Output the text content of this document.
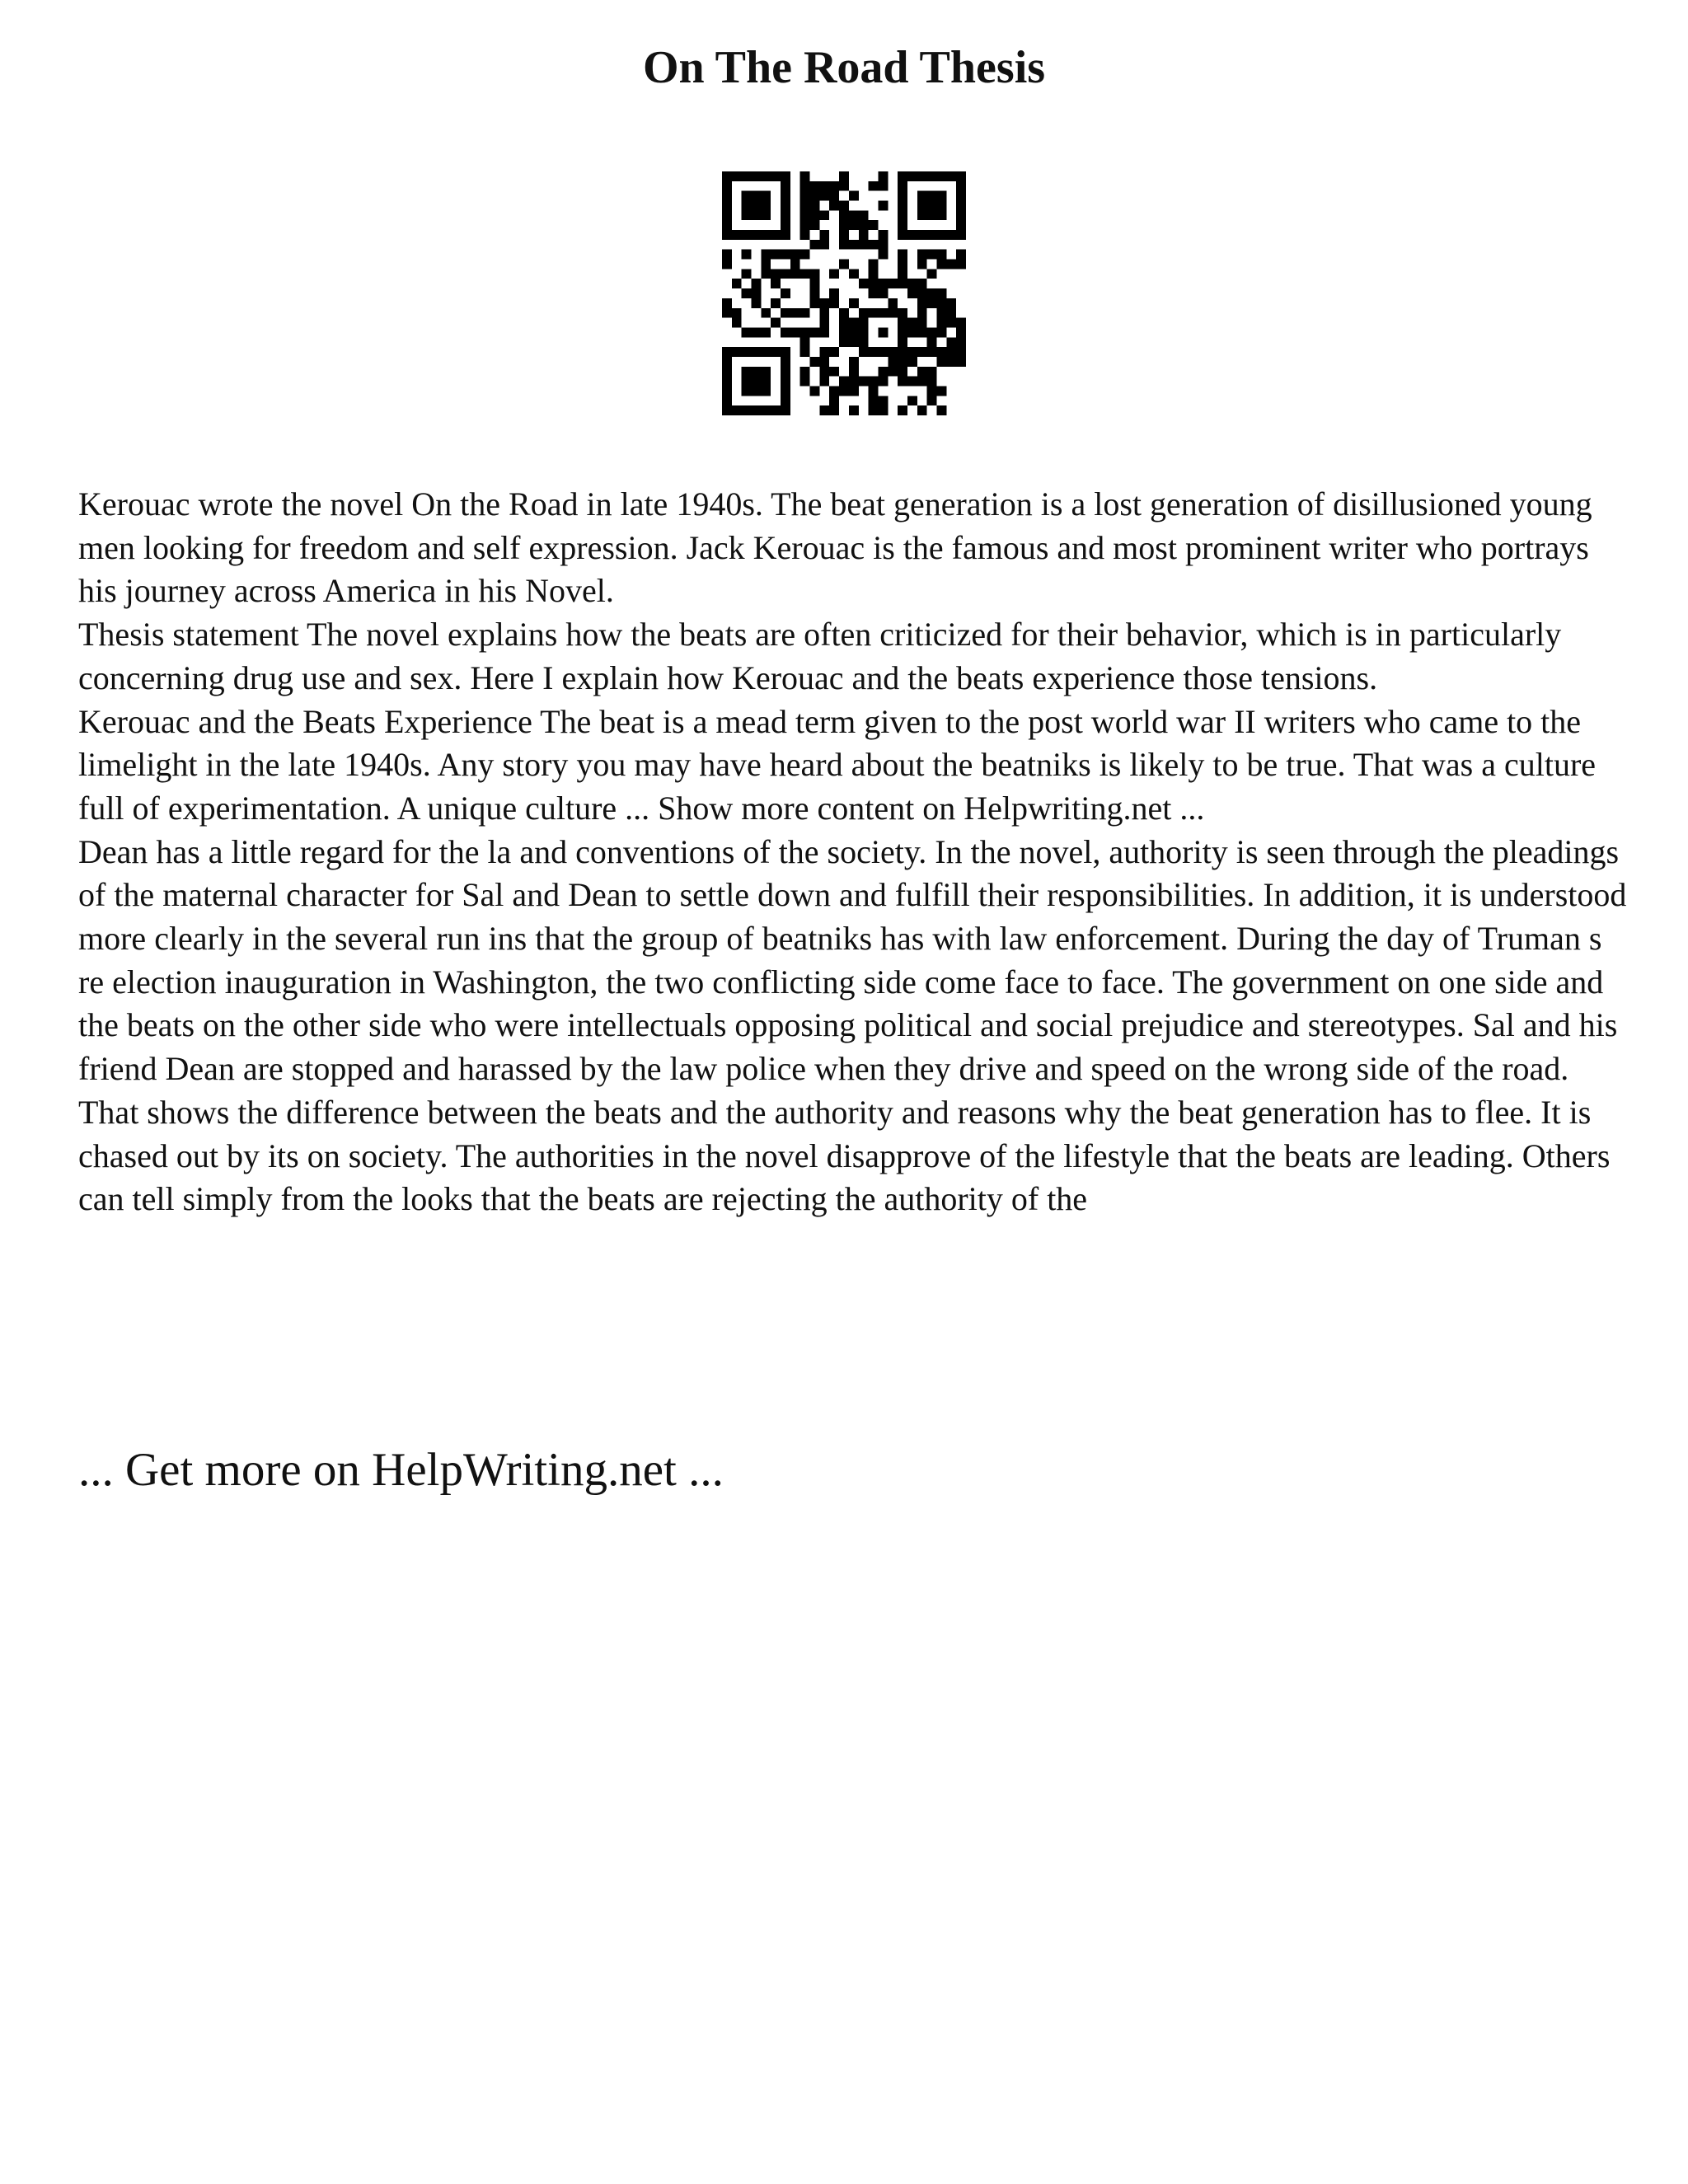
On The Road Thesis

Kerouac wrote the novel On the Road in late 1940s. The beat generation is a lost generation of disillusioned young men looking for freedom and self expression. Jack Kerouac is the famous and most prominent writer who portrays his journey across America in his Novel.

Thesis statement The novel explains how the beats are often criticized for their behavior, which is in particularly concerning drug use and sex. Here I explain how Kerouac and the beats experience those tensions.

Kerouac and the Beats Experience The beat is a mead term given to the post world war II writers who came to the limelight in the late 1940s. Any story you may have heard about the beatniks is likely to be true. That was a culture full of experimentation. A unique culture ... Show more content on Helpwriting.net ...

Dean has a little regard for the la and conventions of the society. In the novel, authority is seen through the pleadings of the maternal character for Sal and Dean to settle down and fulfill their responsibilities. In addition, it is understood more clearly in the several run ins that the group of beatniks has with law enforcement. During the day of Truman s re election inauguration in Washington, the two conflicting side come face to face. The government on one side and the beats on the other side who were intellectuals opposing political and social prejudice and stereotypes. Sal and his friend Dean are stopped and harassed by the law police when they drive and speed on the wrong side of the road. That shows the difference between the beats and the authority and reasons why the beat generation has to flee. It is chased out by its on society. The authorities in the novel disapprove of the lifestyle that the beats are leading. Others can tell simply from the looks that the beats are rejecting the authority of the

... Get more on HelpWriting.net ...
